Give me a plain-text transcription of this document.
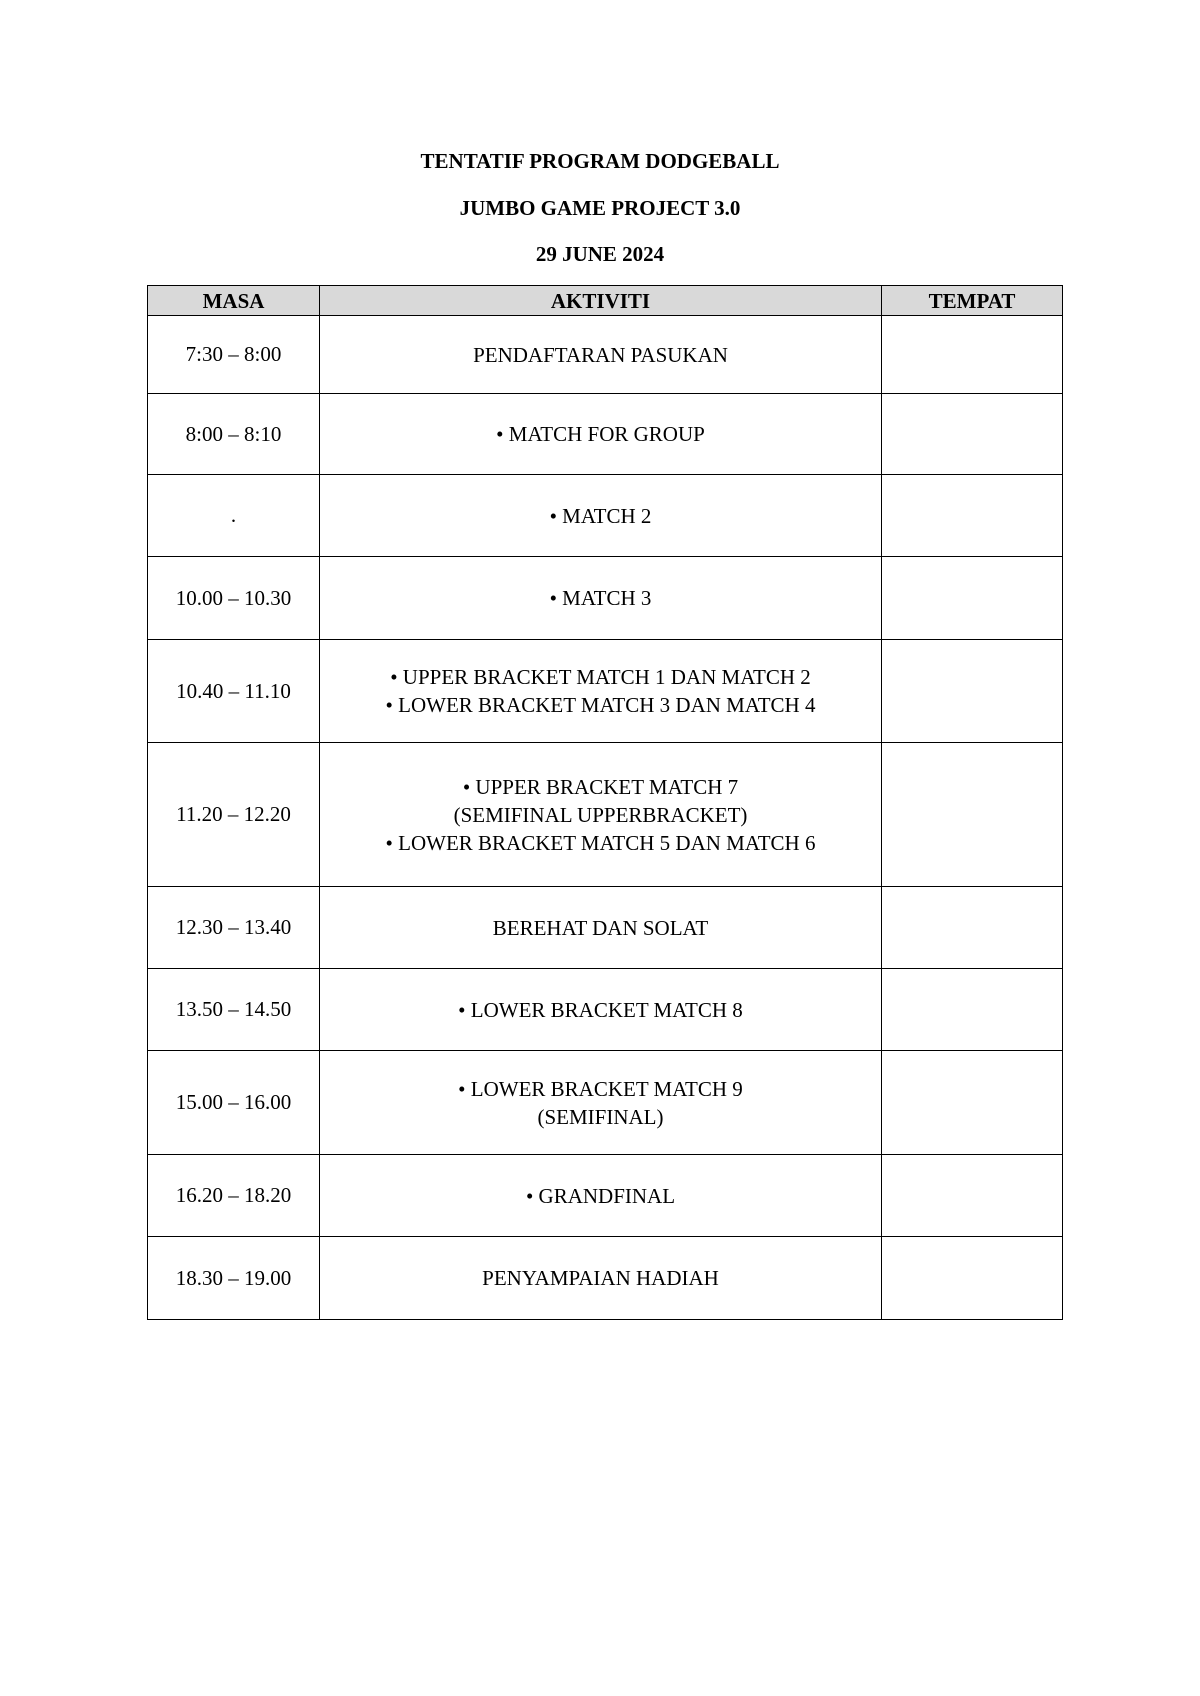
TENTATIF PROGRAM DODGEBALL
JUMBO GAME PROJECT 3.0
29 JUNE 2024
MASA	AKTIVITI	TEMPAT
7:30 – 8:00	PENDAFTARAN PASUKAN	

8:00 – 8:10	• MATCH FOR GROUP	

.	• MATCH 2	

10.00 – 10.30	• MATCH 3	

10.40 – 11.10	• UPPER BRACKET MATCH 1 DAN MATCH 2
• LOWER BRACKET MATCH 3 DAN MATCH 4	

11.20 – 12.20	• UPPER BRACKET MATCH 7
(SEMIFINAL UPPERBRACKET)
• LOWER BRACKET MATCH 5 DAN MATCH 6	

12.30 – 13.40	BEREHAT DAN SOLAT	

13.50 – 14.50	• LOWER BRACKET MATCH 8	

15.00 – 16.00	• LOWER BRACKET MATCH 9
(SEMIFINAL)	

16.20 – 18.20	• GRANDFINAL	

18.30 – 19.00	PENYAMPAIAN HADIAH	
